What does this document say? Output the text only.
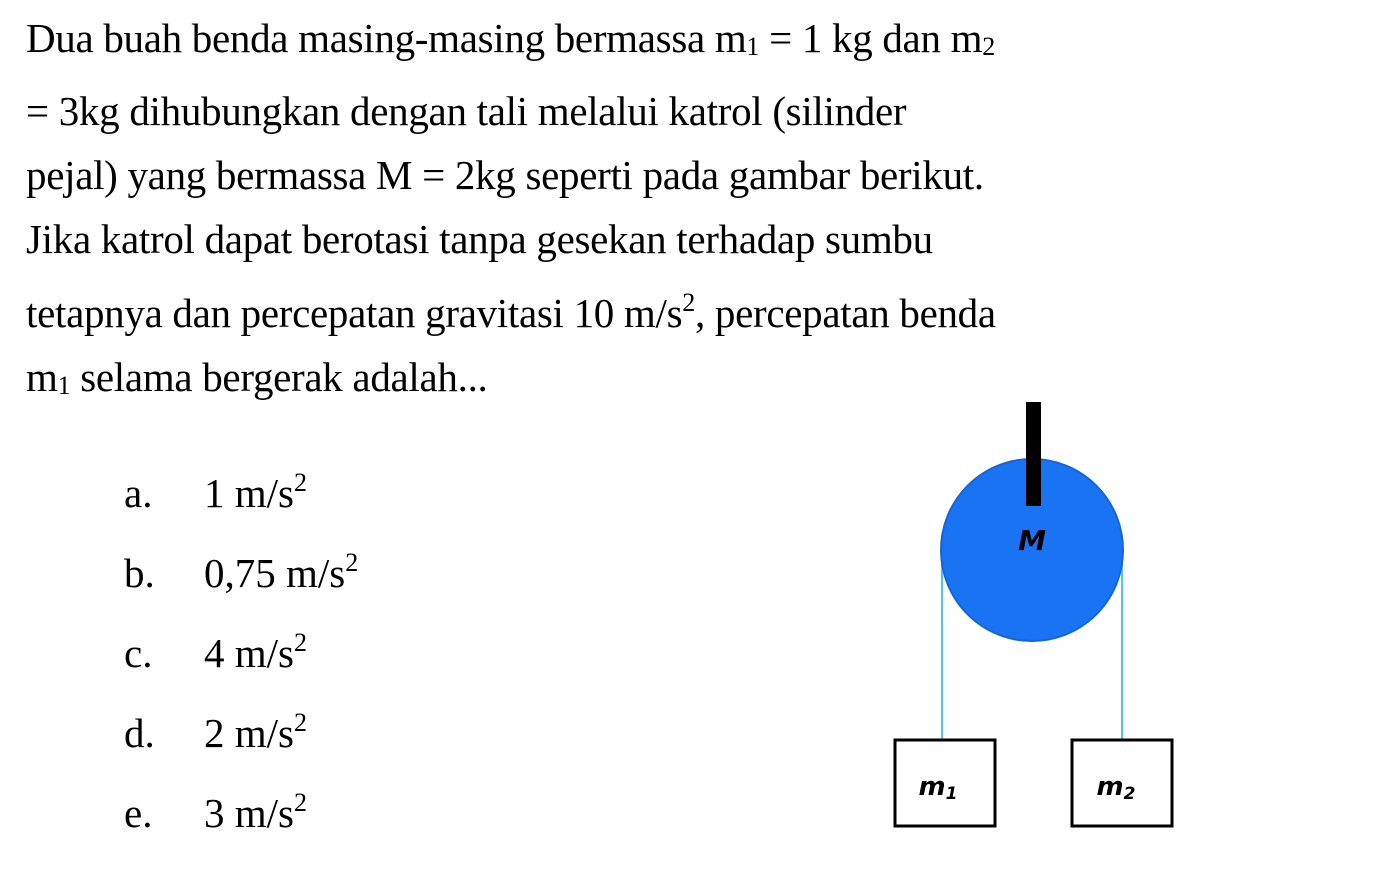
Dua buah benda masing-masing bermassa m1 = 1 kg dan m2
= 3kg dihubungkan dengan tali melalui katrol (silinder
pejal) yang bermassa M = 2kg seperti pada gambar berikut.
Jika katrol dapat berotasi tanpa gesekan terhadap sumbu
tetapnya dan percepatan gravitasi 10 $m/s^2$, percepatan benda
m1 selama bergerak adalah...
a. 1 $m/s^2$
b. 0,75 $m/s^2$
c. 4 $m/s^2$
d. 2 $m/s^2$
e. 3 $m/s^2$
M
m1	m2
